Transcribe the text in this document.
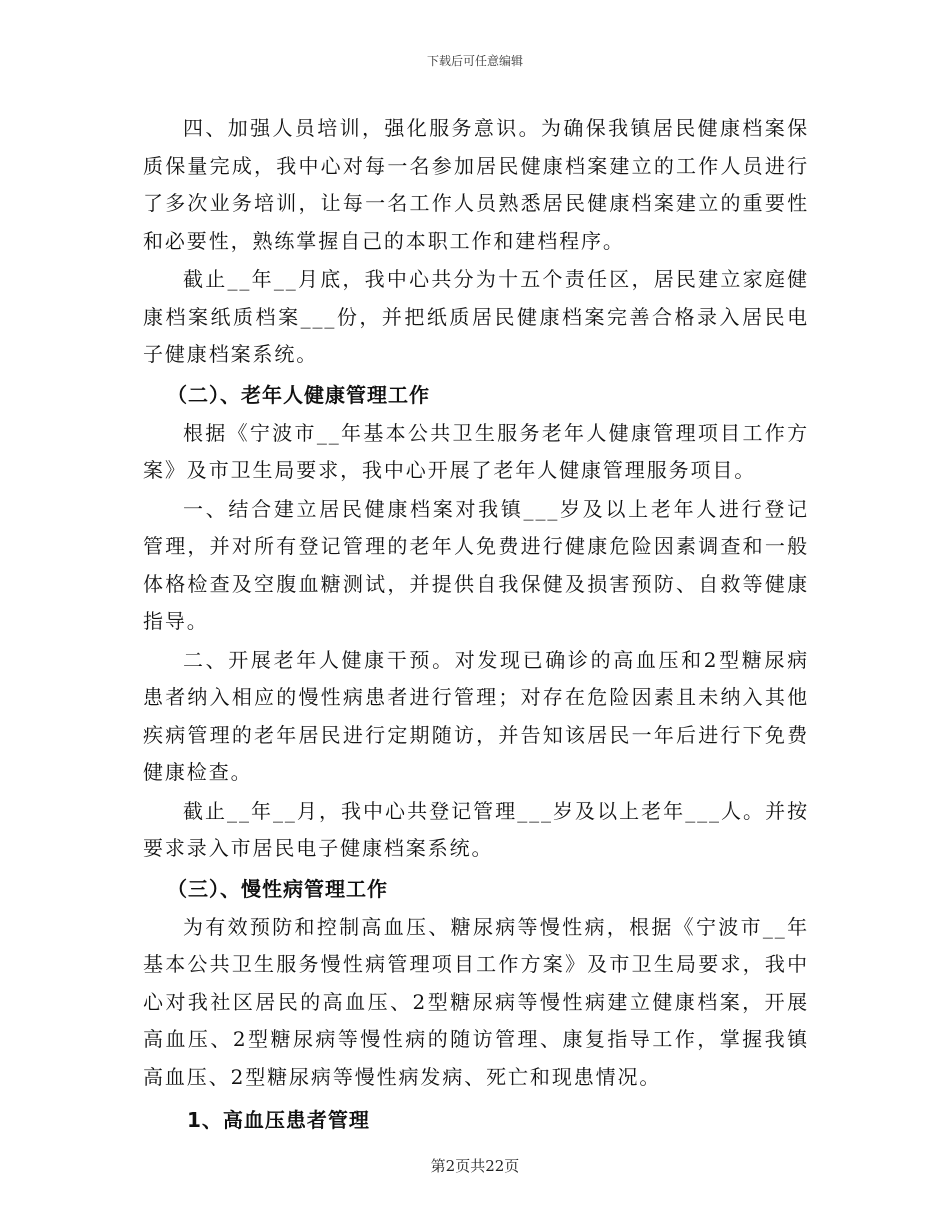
下载后可任意编辑

四、加强人员培训，强化服务意识。为确保我镇居民健康档案保质保量完成，我中心对每一名参加居民健康档案建立的工作人员进行了多次业务培训，让每一名工作人员熟悉居民健康档案建立的重要性和必要性，熟练掌握自己的本职工作和建档程序。

截止__年__月底，我中心共分为十五个责任区，居民建立家庭健康档案纸质档案___份，并把纸质居民健康档案完善合格录入居民电子健康档案系统。

（二）、老年人健康管理工作

根据《宁波市__年基本公共卫生服务老年人健康管理项目工作方案》及市卫生局要求，我中心开展了老年人健康管理服务项目。

一、结合建立居民健康档案对我镇___岁及以上老年人进行登记管理，并对所有登记管理的老年人免费进行健康危险因素调查和一般体格检查及空腹血糖测试，并提供自我保健及损害预防、自救等健康指导。

二、开展老年人健康干预。对发现已确诊的高血压和2型糖尿病患者纳入相应的慢性病患者进行管理；对存在危险因素且未纳入其他疾病管理的老年居民进行定期随访，并告知该居民一年后进行下免费健康检查。

截止__年__月，我中心共登记管理___岁及以上老年___人。并按要求录入市居民电子健康档案系统。

（三）、慢性病管理工作

为有效预防和控制高血压、糖尿病等慢性病，根据《宁波市__年基本公共卫生服务慢性病管理项目工作方案》及市卫生局要求，我中心对我社区居民的高血压、2型糖尿病等慢性病建立健康档案，开展高血压、2型糖尿病等慢性病的随访管理、康复指导工作，掌握我镇高血压、2型糖尿病等慢性病发病、死亡和现患情况。

1、高血压患者管理

第2页共22页
